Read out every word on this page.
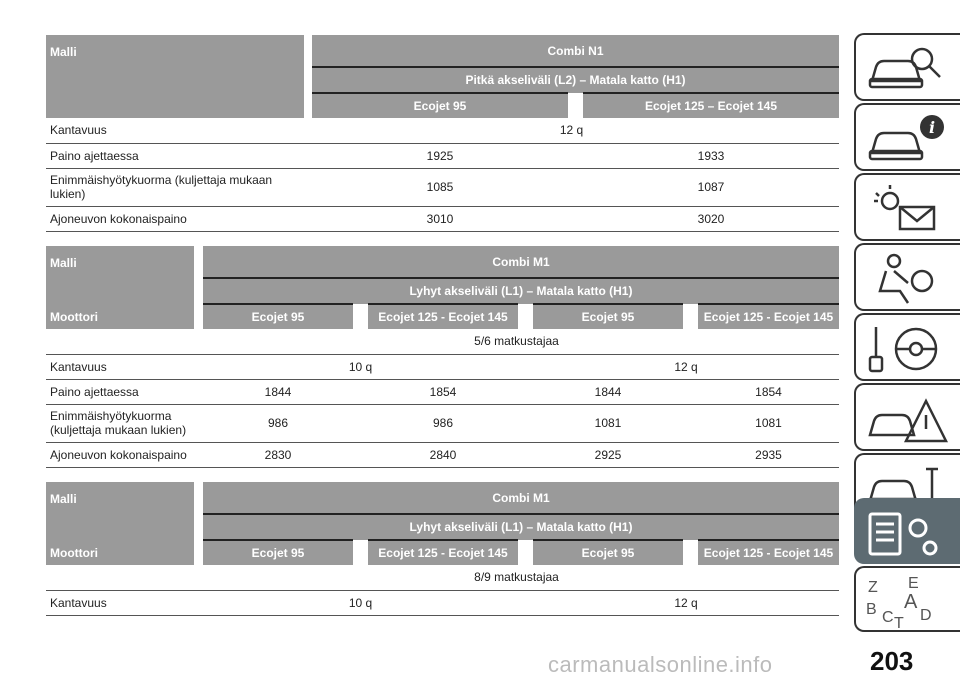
Malli		Combi N1		
		Pitkä akseliväli (L2) – Matala katto (H1)		
		Ecojet 95		Ecojet 125 – Ecojet 145
Kantavuus	12 q			
Paino ajettaessa		1925		1933
Enimmäishyötykuorma (kuljettaja mukaan lukien)		1085		1087
Ajoneuvon kokonaispaino		3010		3020
Malli		Combi M1						
		Lyhyt akseliväli (L1) – Matala katto (H1)						
Moottori		Ecojet 95		Ecojet 125 - Ecojet 145		Ecojet 95		Ecojet 125 - Ecojet 145
	5/6 matkustajaa							
Kantavuus		10 q				12 q		
Paino ajettaessa		1844		1854		1844		1854
Enimmäishyötykuorma (kuljettaja mukaan lukien)		986		986		1081		1081
Ajoneuvon kokonaispaino		2830		2840		2925		2935
Malli		Combi M1						
		Lyhyt akseliväli (L1) – Matala katto (H1)						
Moottori		Ecojet 95		Ecojet 125 - Ecojet 145		Ecojet 95		Ecojet 125 - Ecojet 145
	8/9 matkustajaa							
Kantavuus		10 q				12 q		
i
Z E
A
B C D
T
carmanualsonline.info	203
